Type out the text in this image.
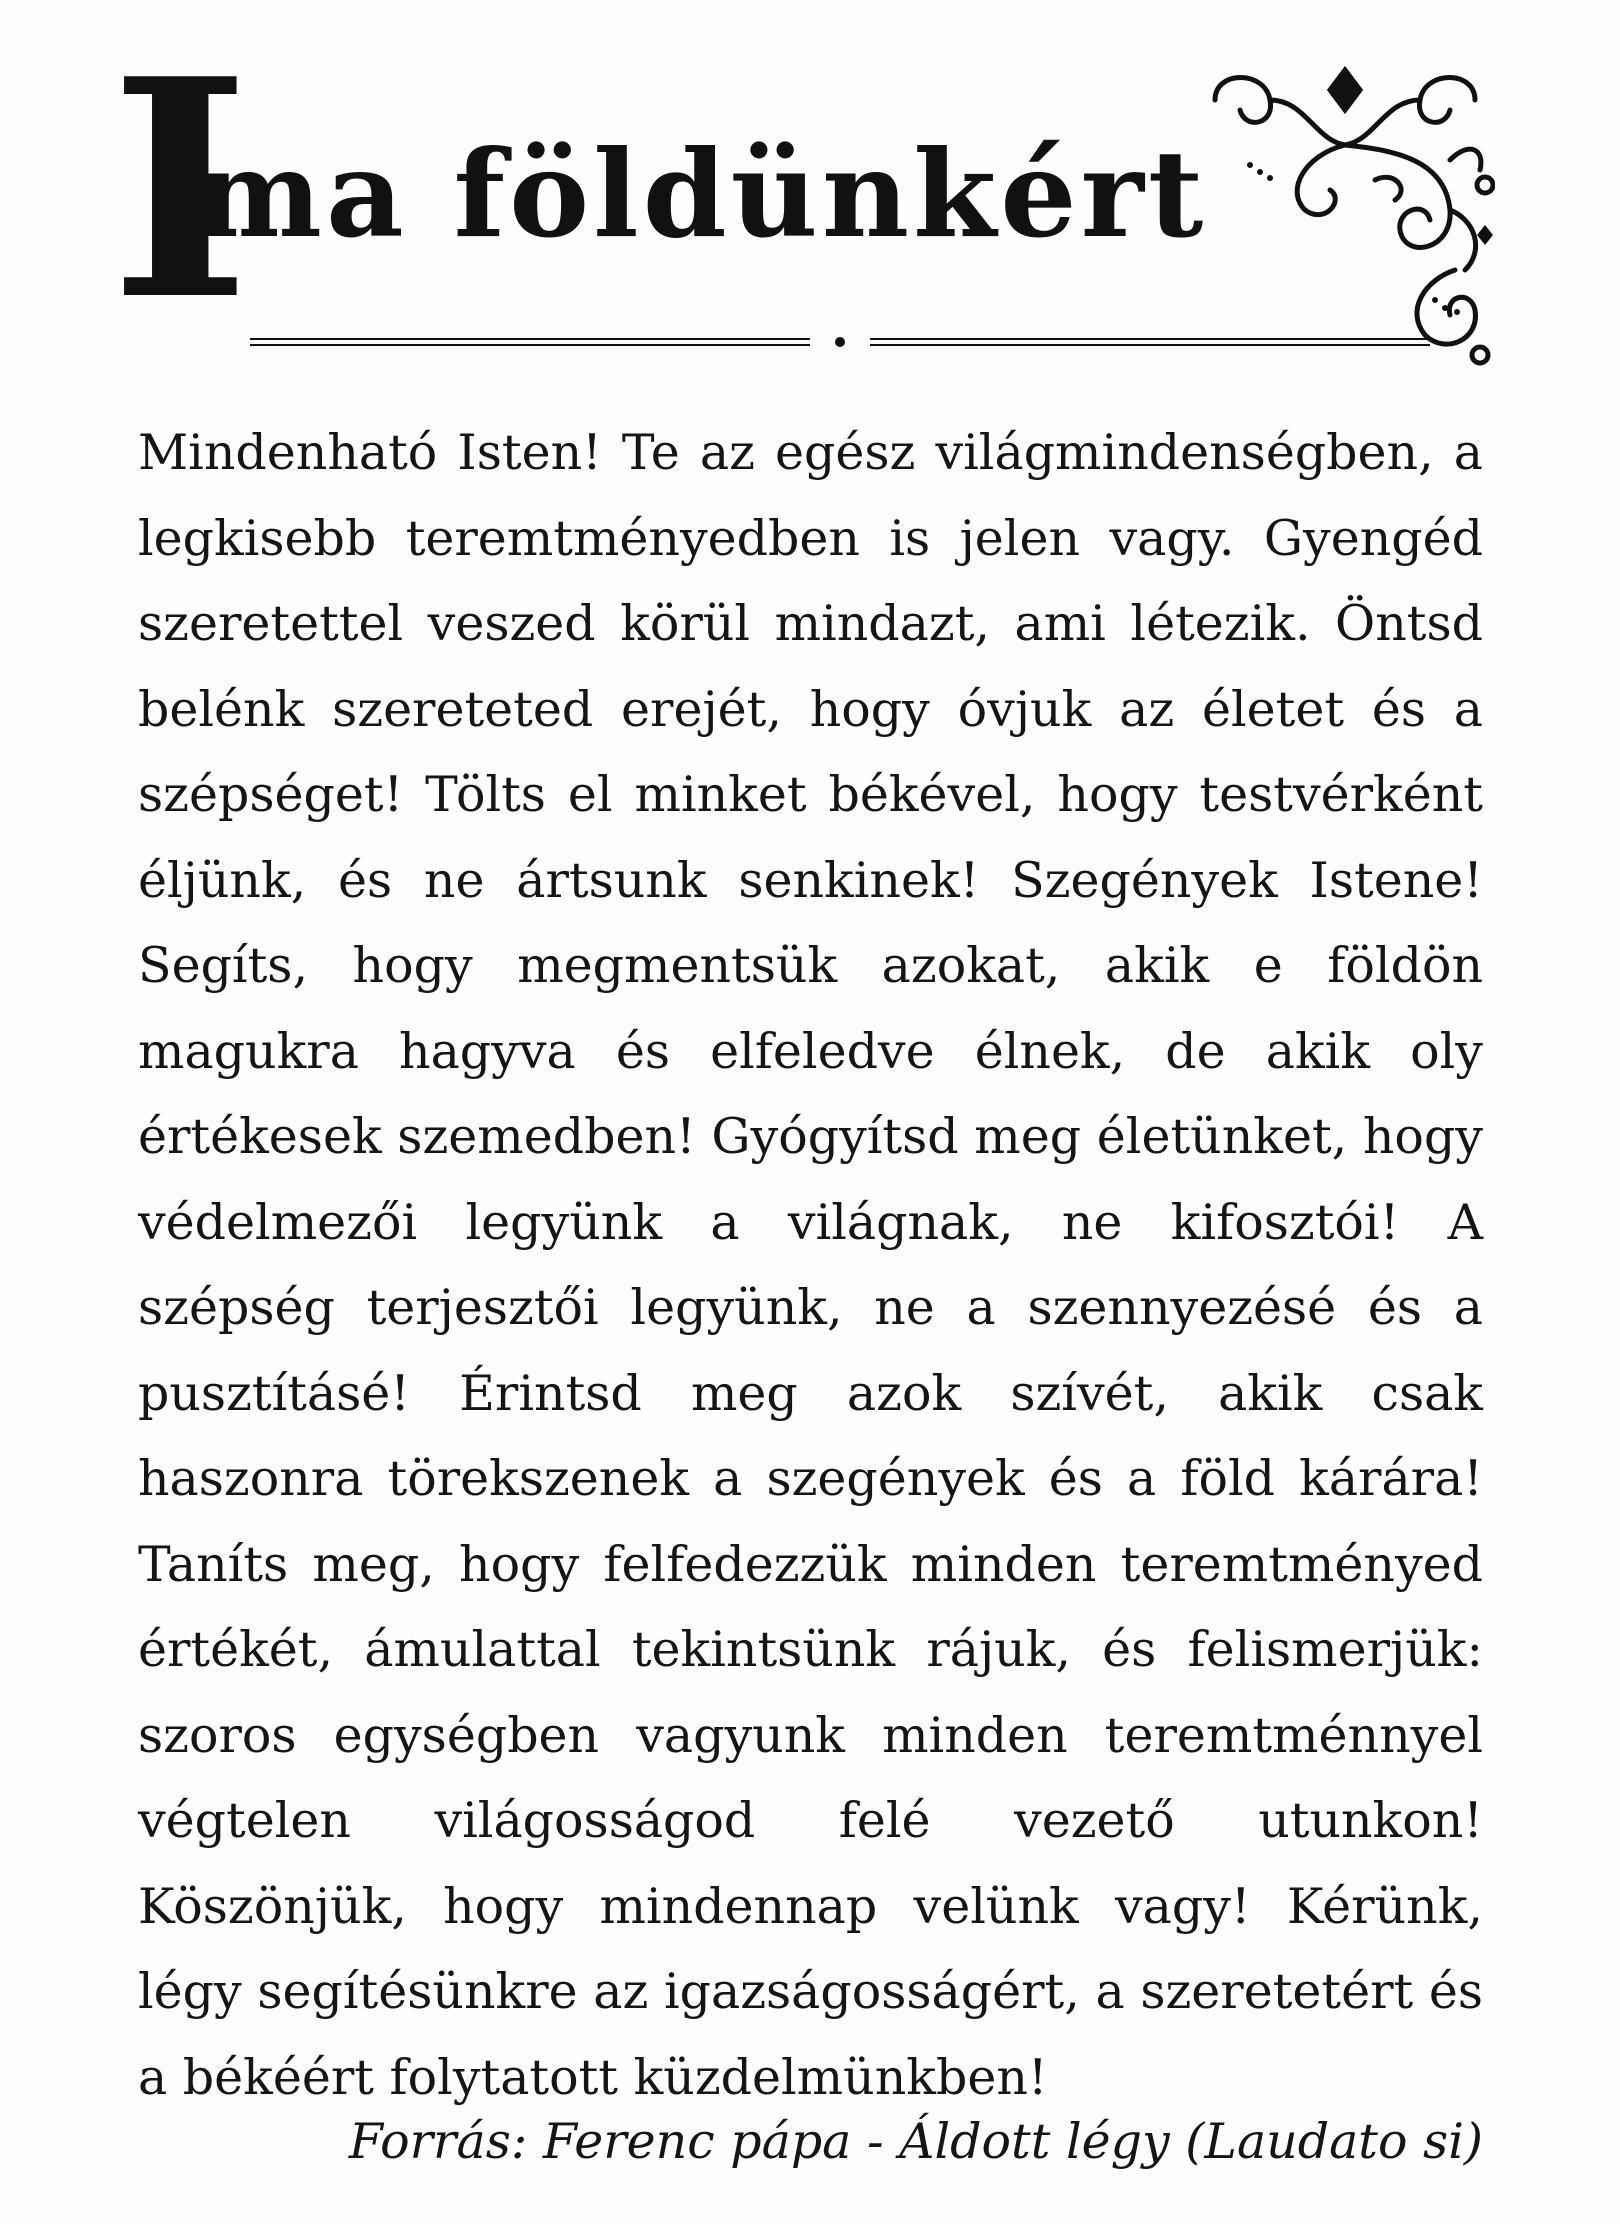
I
ma földünkért

Mindenható Isten! Te az egész világmindenségben, a legkisebb teremtményedben is jelen vagy. Gyengéd szeretettel veszed körül mindazt, ami létezik. Öntsd belénk szereteted erejét, hogy óvjuk az életet és a szépséget! Tölts el minket békével, hogy testvérként éljünk, és ne ártsunk senkinek! Szegények Istene! Segíts, hogy megmentsük azokat, akik e földön magukra hagyva és elfeledve élnek, de akik oly értékesek szemedben! Gyógyítsd meg életünket, hogy védelmezői legyünk a világnak, ne kifosztói! A szépség terjesztői legyünk, ne a szennyezésé és a pusztításé! Érintsd meg azok szívét, akik csak haszonra törekszenek a szegények és a föld kárára! Taníts meg, hogy felfedezzük minden teremtményed értékét, ámulattal tekintsünk rájuk, és felismerjük: szoros egységben vagyunk minden teremtménnyel végtelen világosságod felé vezető utunkon! Köszönjük, hogy mindennap velünk vagy! Kérünk, légy segítésünkre az igazságosságért, a szeretetért és a békéért folytatott küzdelmünkben!

Forrás: Ferenc pápa - Áldott légy (Laudato si)
